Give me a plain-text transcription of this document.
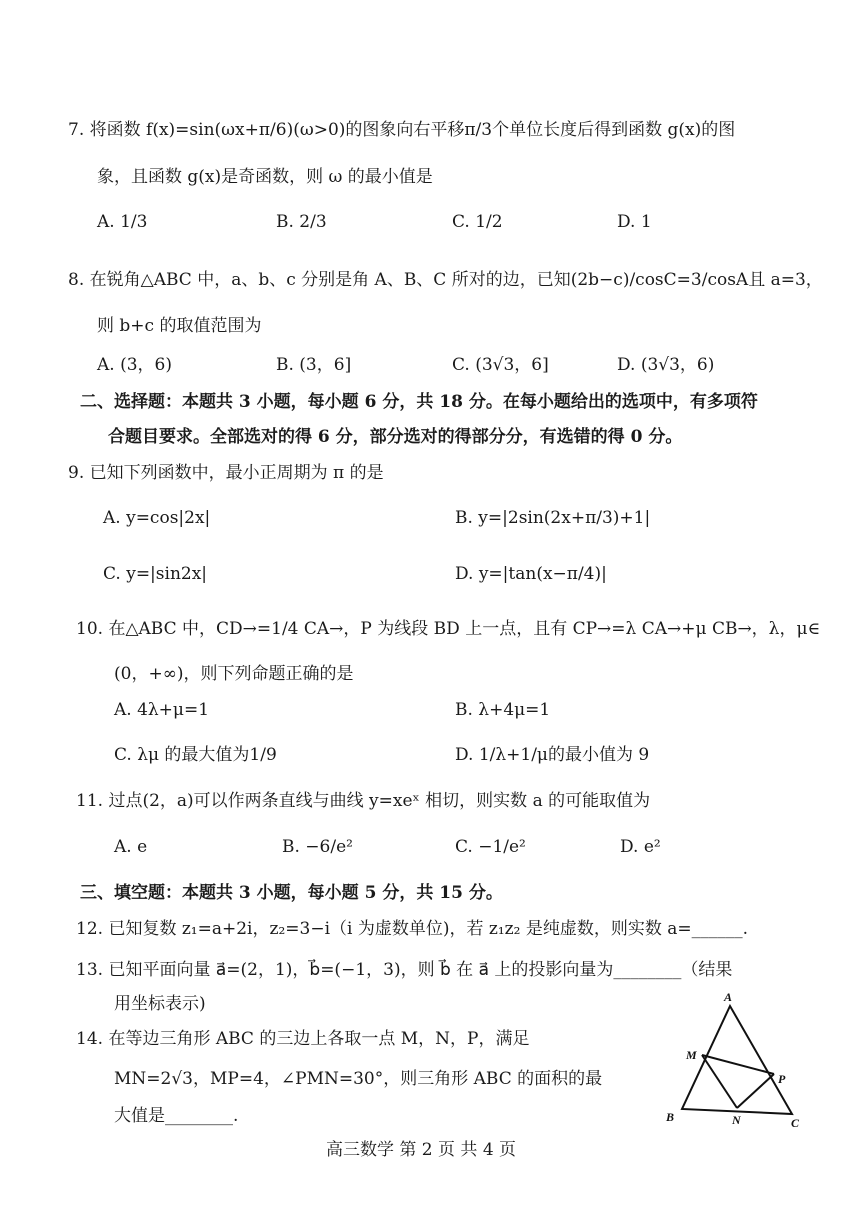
7. 将函数 f(x)=sin(ωx+π/6)(ω>0)的图象向右平移π/3个单位长度后得到函数 g(x)的图
象，且函数 g(x)是奇函数，则 ω 的最小值是
A. 1/3	B. 2/3	C. 1/2	D. 1
8. 在锐角△ABC 中，a、b、c 分别是角 A、B、C 所对的边，已知(2b−c)/cosC=3/cosA且 a=3，
则 b+c 的取值范围为
A. (3，6)	B. (3，6]	C. (3√3，6]	D. (3√3，6)
二、选择题：本题共 3 小题，每小题 6 分，共 18 分。在每小题给出的选项中，有多项符
合题目要求。全部选对的得 6 分，部分选对的得部分分，有选错的得 0 分。
9. 已知下列函数中，最小正周期为 π 的是
A. y=cos|2x|	B. y=|2sin(2x+π/3)+1|
C. y=|sin2x|	D. y=|tan(x−π/4)|
10. 在△ABC 中，CD→=1/4 CA→，P 为线段 BD 上一点，且有 CP→=λ CA→+μ CB→，λ，μ∈
(0，+∞)，则下列命题正确的是
A. 4λ+μ=1	B. λ+4μ=1
C. λμ 的最大值为1/9	D. 1/λ+1/μ的最小值为 9
11. 过点(2，a)可以作两条直线与曲线 y=xeˣ 相切，则实数 a 的可能取值为
A. e	B. −6/e²	C. −1/e²	D. e²
三、填空题：本题共 3 小题，每小题 5 分，共 15 分。
12. 已知复数 z₁=a+2i，z₂=3−i（i 为虚数单位)，若 z₁z₂ 是纯虚数，则实数 a=______.
13. 已知平面向量 a⃗=(2，1)，b⃗=(−1，3)，则 b⃗ 在 a⃗ 上的投影向量为________（结果
用坐标表示)
14. 在等边三角形 ABC 的三边上各取一点 M，N，P，满足
MN=2√3，MP=4，∠PMN=30°，则三角形 ABC 的面积的最
大值是________.
A
B	C
M
N
P
高三数学 第 2 页 共 4 页
